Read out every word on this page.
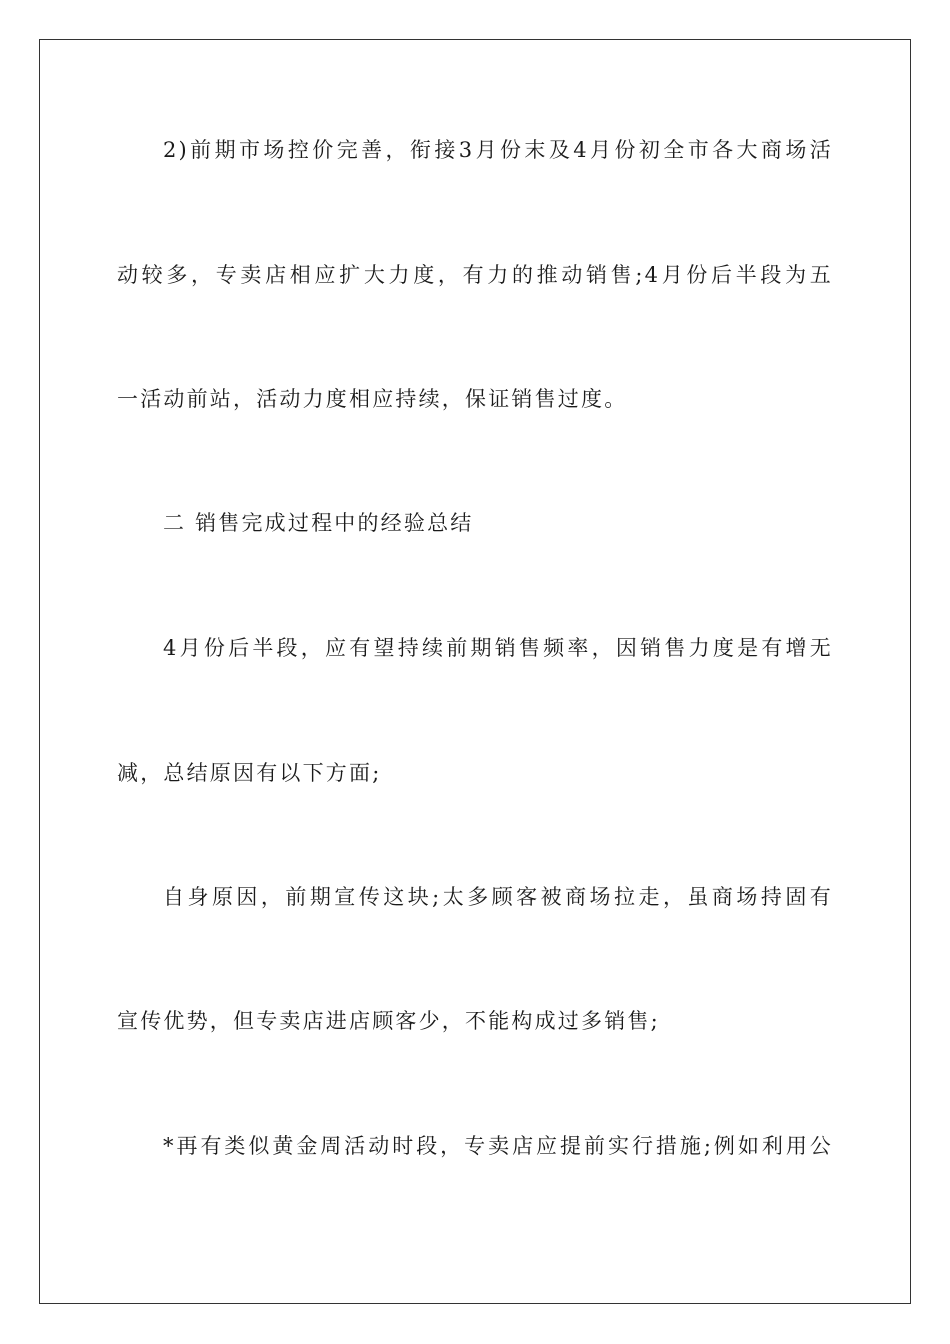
2)前期市场控价完善，衔接3月份末及4月份初全市各大商场活
动较多，专卖店相应扩大力度，有力的推动销售;4月份后半段为五
一活动前站，活动力度相应持续，保证销售过度。
二 销售完成过程中的经验总结
4月份后半段，应有望持续前期销售频率，因销售力度是有增无
减，总结原因有以下方面;
自身原因，前期宣传这块;太多顾客被商场拉走，虽商场持固有
宣传优势，但专卖店进店顾客少，不能构成过多销售;
*再有类似黄金周活动时段，专卖店应提前实行措施;例如利用公
